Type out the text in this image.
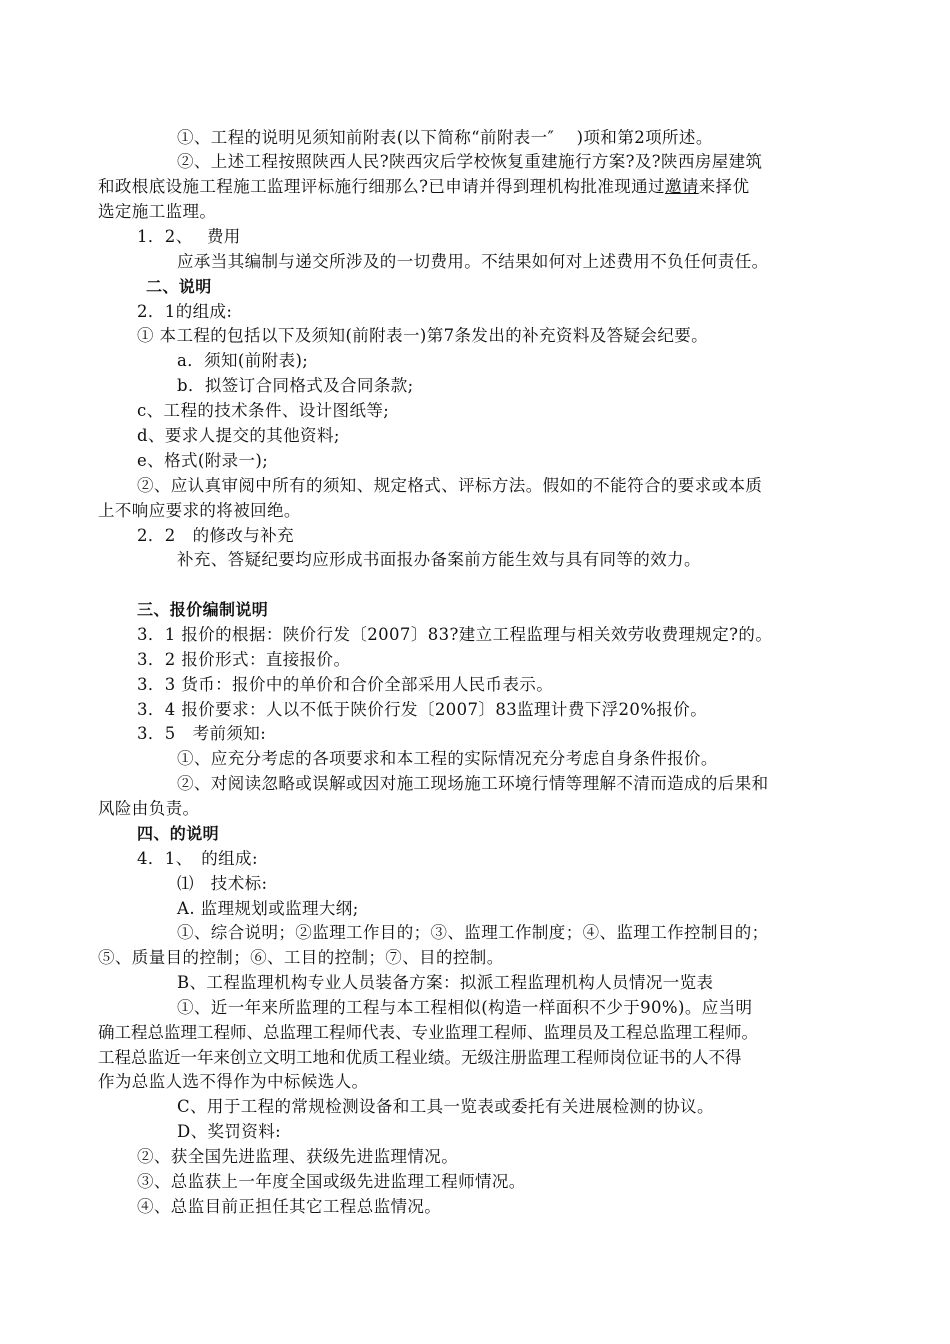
①、工程的说明见须知前附表(以下简称“前附表一″　 )项和第2项所述。
②、上述工程按照陕西人民?陕西灾后学校恢复重建施行方案?及?陕西房屋建筑
和政根底设施工程施工监理评标施行细那么?已申请并得到理机构批准现通过邀请来择优
选定施工监理。
1．2、　 费用
应承当其编制与递交所涉及的一切费用。不结果如何对上述费用不负任何责任。
二、说明
2．1的组成:
① 本工程的包括以下及须知(前附表一)第7条发出的补充资料及答疑会纪要。
a．须知(前附表);
b．拟签订合同格式及合同条款;
c、工程的技术条件、设计图纸等;
d、要求人提交的其他资料;
e、格式(附录一);
②、应认真审阅中所有的须知、规定格式、评标方法。假如的不能符合的要求或本质
上不响应要求的将被回绝。
2．2　的修改与补充
补充、答疑纪要均应形成书面报办备案前方能生效与具有同等的效力。
三、报价编制说明
3．1 报价的根据：陕价行发〔2007〕83?建立工程监理与相关效劳收费理规定?的。
3．2 报价形式：直接报价。
3．3 货币：报价中的单价和合价全部采用人民币表示。
3．4 报价要求：人以不低于陕价行发〔2007〕83监理计费下浮20%报价。
3．5　考前须知:
①、应充分考虑的各项要求和本工程的实际情况充分考虑自身条件报价。
②、对阅读忽略或误解或因对施工现场施工环境行情等理解不清而造成的后果和
风险由负责。
四、的说明
4．1、　的组成:
⑴　技术标:
A. 监理规划或监理大纲;
①、综合说明；②监理工作目的；③、监理工作制度；④、监理工作控制目的；
⑤、质量目的控制；⑥、工目的控制；⑦、目的控制。
B、工程监理机构专业人员装备方案：拟派工程监理机构人员情况一览表
①、近一年来所监理的工程与本工程相似(构造一样面积不少于90%)。应当明
确工程总监理工程师、总监理工程师代表、专业监理工程师、监理员及工程总监理工程师。
工程总监近一年来创立文明工地和优质工程业绩。无级注册监理工程师岗位证书的人不得
作为总监人选不得作为中标候选人。
C、用于工程的常规检测设备和工具一览表或委托有关进展检测的协议。
D、奖罚资料:
②、获全国先进监理、获级先进监理情况。
③、总监获上一年度全国或级先进监理工程师情况。
④、总监目前正担任其它工程总监情况。
